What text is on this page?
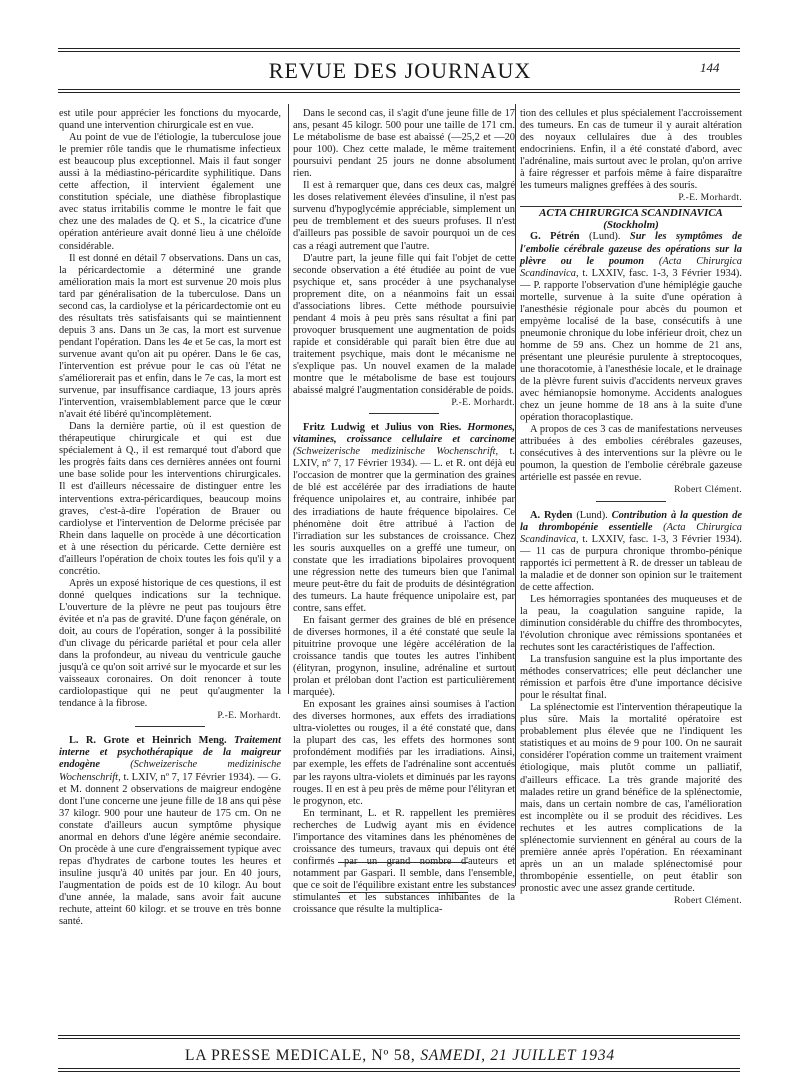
REVUE DES JOURNAUX	144

est utile pour apprécier les fonctions du myocarde, quand une intervention chirurgicale est en vue.

Au point de vue de l'étiologie, la tuberculose joue le premier rôle tandis que le rhumatisme infectieux est beaucoup plus exceptionnel. Mais il faut songer aussi à la médiastino-péricardite syphilitique. Dans cette affection, il intervient également une constitution spéciale, une diathèse fibroplastique avec status irritabilis comme le montre le fait que chez une des malades de Q. et S., la cicatrice d'une opération antérieure avait donné lieu à une chéloïde considérable.

Il est donné en détail 7 observations. Dans un cas, la péricardectomie a déterminé une grande amélioration mais la mort est survenue 20 mois plus tard par généralisation de la tuberculose. Dans un second cas, la cardiolyse et la péricardectomie ont eu des résultats très satisfaisants qui se maintiennent depuis 3 ans. Dans un 3e cas, la mort est survenue pendant l'opération. Dans les 4e et 5e cas, la mort est survenue avant qu'on ait pu opérer. Dans le 6e cas, l'intervention est prévue pour le cas où l'état ne s'améliorerait pas et enfin, dans le 7e cas, la mort est survenue, par insuffisance cardiaque, 13 jours après l'intervention, vraisemblablement parce que le cœur n'avait été libéré qu'incomplètement.

Dans la dernière partie, où il est question de thérapeutique chirurgicale et qui est due spécialement à Q., il est remarqué tout d'abord que les progrès faits dans ces dernières années ont fourni une base solide pour les interventions chirurgicales. Il est d'ailleurs nécessaire de distinguer entre les interventions extra-péricardiques, beaucoup moins graves, c'est-à-dire l'opération de Brauer ou cardiolyse et l'intervention de Delorme précisée par Rhein dans laquelle on procède à une décortication et à une résection du péricarde. Cette dernière est d'ailleurs l'opération de choix toutes les fois qu'il y a concrétio.

Après un exposé historique de ces questions, il est donné quelques indications sur la technique. L'ouverture de la plèvre ne peut pas toujours être évitée et n'a pas de gravité. D'une façon générale, on doit, au cours de l'opération, songer à la possibilité d'un clivage du péricarde pariétal et pour cela aller dans la profondeur, au niveau du ventricule gauche jusqu'à ce qu'on soit arrivé sur le myocarde et sur les vaisseaux coronaires. On doit renoncer à toute cardiolopastique qui ne peut qu'augmenter la tendance à la fibrose.

P.-E. Morhardt.

L. R. Grote et Heinrich Meng. Traitement interne et psychothérapique de la maigreur endogène	(Schweizerische medizinische Wochenschrift, t. LXIV, nº 7, 17 Février 1934). — G. et M. donnent 2 observations de maigreur endogène dont l'une concerne une jeune fille de 18 ans qui pèse 37 kilogr. 900 pour une hauteur de 175 cm. On ne constate d'ailleurs aucun symptôme physique anormal en dehors d'une légère anémie secondaire. On procède à une cure d'engraissement typique avec repas d'hydrates de carbone toutes les heures et insuline jusqu'à 40 unités par jour. En 40 jours, l'augmentation de poids est de 10 kilogr. Au bout d'une année, la malade, sans avoir fait aucune rechute, atteint 60 kilogr. et se trouve en très bonne santé.

Dans le second cas, il s'agit d'une jeune fille de 17 ans, pesant 45 kilogr. 500 pour une taille de 171 cm. Le métabolisme de base est abaissé (—25,2 et —20 pour 100). Chez cette malade, le même traitement poursuivi pendant 25 jours ne donne absolument rien.

Il est à remarquer que, dans ces deux cas, malgré les doses relativement élevées d'insuline, il n'est pas survenu d'hypoglycémie appréciable, simplement un peu de tremblement et des sueurs profuses. Il n'est d'ailleurs pas possible de savoir pourquoi un de ces cas a réagi autrement que l'autre.

D'autre part, la jeune fille qui fait l'objet de cette seconde observation a été étudiée au point de vue psychique et, sans procéder à une psychanalyse proprement dite, on a néanmoins fait un essai d'associations libres. Cette méthode poursuivie pendant 4 mois à peu près sans résultat a fini par provoquer brusquement une augmentation de poids rapide et considérable qui paraît bien être due au traitement psychique, mais dont le mécanisme ne s'explique pas. Un nouvel examen de la malade montre que le métabolisme de base est toujours abaissé malgré l'augmentation considérable de poids.

P.-E. Morhardt.

Fritz Ludwig et Julius von Ries. Hormones, vitamines, croissance cellulaire et carcinome (Schweizerische medizinische Wochenschrift, t. LXIV, nº 7, 17 Février 1934). — L. et R. ont déjà eu l'occasion de montrer que la germination des graines de blé est accélérée par des irradiations de haute fréquence unipolaires et, au contraire, inhibée par des irradiations de haute fréquence bipolaires. Ce phénomène doit être attribué à l'action de l'irradiation sur les substances de croissance. Chez les souris auxquelles on a greffé une tumeur, on constate que les irradiations bipolaires provoquent une régression nette des tumeurs bien que l'animal meure peut-être du fait de produits de désintégration des tumeurs. La haute fréquence unipolaire est, par contre, sans effet.

En faisant germer des graines de blé en présence de diverses hormones, il a été constaté que seule la pituitrine provoque une légère accélération de la croissance tandis que toutes les autres l'inhibent (élityran, progynon, insuline, adrénaline et surtout prolan et préloban dont l'action est particulièrement marquée).

En exposant les graines ainsi soumises à l'action des diverses hormones, aux effets des irradiations ultra-violettes ou rouges, il a été constaté que, dans la plupart des cas, les effets des hormones sont profondément modifiés par les irradiations. Ainsi, par exemple, les effets de l'adrénaline sont accentués par les rayons ultra-violets et diminués par les rayons rouges. Il en est à peu près de même pour l'élityran et le progynon, etc.

En terminant, L. et R. rappellent les premières recherches de Ludwig ayant mis en évidence l'importance des vitamines dans les phénomènes de croissance des tumeurs, travaux qui depuis ont été confirmés par un grand nombre d'auteurs et notamment par Gaspari. Il semble, dans l'ensemble, que ce soit de l'équilibre existant entre les substances stimulantes et les substances inhibantes de la croissance que résulte la multiplica-

tion des cellules et plus spécialement l'accroissement des tumeurs. En cas de tumeur il y aurait altération des noyaux cellulaires due à des troubles endocriniens. Enfin, il a été constaté d'abord, avec l'adrénaline, mais surtout avec le prolan, qu'on arrive à faire régresser et parfois même à faire disparaître les tumeurs malignes greffées à des souris.

P.-E. Morhardt.

ACTA CHIRURGICA SCANDINAVICA

(Stockholm)

G. Pétrén (Lund). Sur les symptômes de l'embolie cérébrale gazeuse des opérations sur la plèvre ou le poumon (Acta Chirurgica Scandinavica, t. LXXIV, fasc. 1-3, 3 Février 1934). — P. rapporte l'observation d'une hémiplégie gauche mortelle, survenue à la suite d'une opération à l'anesthésie régionale pour abcès du poumon et empyème localisé de la base, consécutifs à une pneumonie chronique du lobe inférieur droit, chez un homme de 59 ans. Chez un homme de 21 ans, présentant une pleurésie purulente à streptocoques, une thoracotomie, à l'anesthésie locale, et le drainage de la plèvre furent suivis d'accidents nerveux graves avec hémianopsie homonyme. Accidents analogues chez un jeune homme de 18 ans à la suite d'une opération thoracoplastique.

A propos de ces 3 cas de manifestations nerveuses attribuées à des embolies cérébrales gazeuses, consécutives à des interventions sur la plèvre ou le poumon, la question de l'embolie cérébrale gazeuse artérielle est passée en revue.

Robert Clément.

A. Ryden (Lund). Contribution à la question de la thrombopénie essentielle (Acta Chirurgica Scandinavica, t. LXXIV, fasc. 1-3, 3 Février 1934). — 11 cas de purpura chronique thrombo-pénique rapportés ici permettent à R. de dresser un tableau de la maladie et de donner son opinion sur le traitement de cette affection.

Les hémorragies spontanées des muqueuses et de la peau, la coagulation sanguine rapide, la diminution considérable du chiffre des thrombocytes, l'évolution chronique avec rémissions spontanées et rechutes sont les caractéristiques de l'affection.

La transfusion sanguine est la plus importante des méthodes conservatrices; elle peut déclancher une rémission et parfois être d'une importance décisive pour le résultat final.

La splénectomie est l'intervention thérapeutique la plus sûre. Mais la mortalité opératoire est probablement plus élevée que ne l'indiquent les statistiques et au moins de 9 pour 100. On ne saurait considérer l'opération comme un traitement vraiment étiologique, mais plutôt comme un palliatif, d'ailleurs efficace. La très grande majorité des malades retire un grand bénéfice de la splénectomie, mais, dans un certain nombre de cas, l'amélioration est incomplète ou il se produit des récidives. Les rechutes et les autres complications de la splénectomie surviennent en général au cours de la première année après l'opération. En réexaminant après un an un malade splénectomisé pour thrombopénie essentielle, on peut établir son pronostic avec une assez grande certitude.

Robert Clément.

LA PRESSE MEDICALE, Nº 58, SAMEDI, 21 JUILLET 1934
